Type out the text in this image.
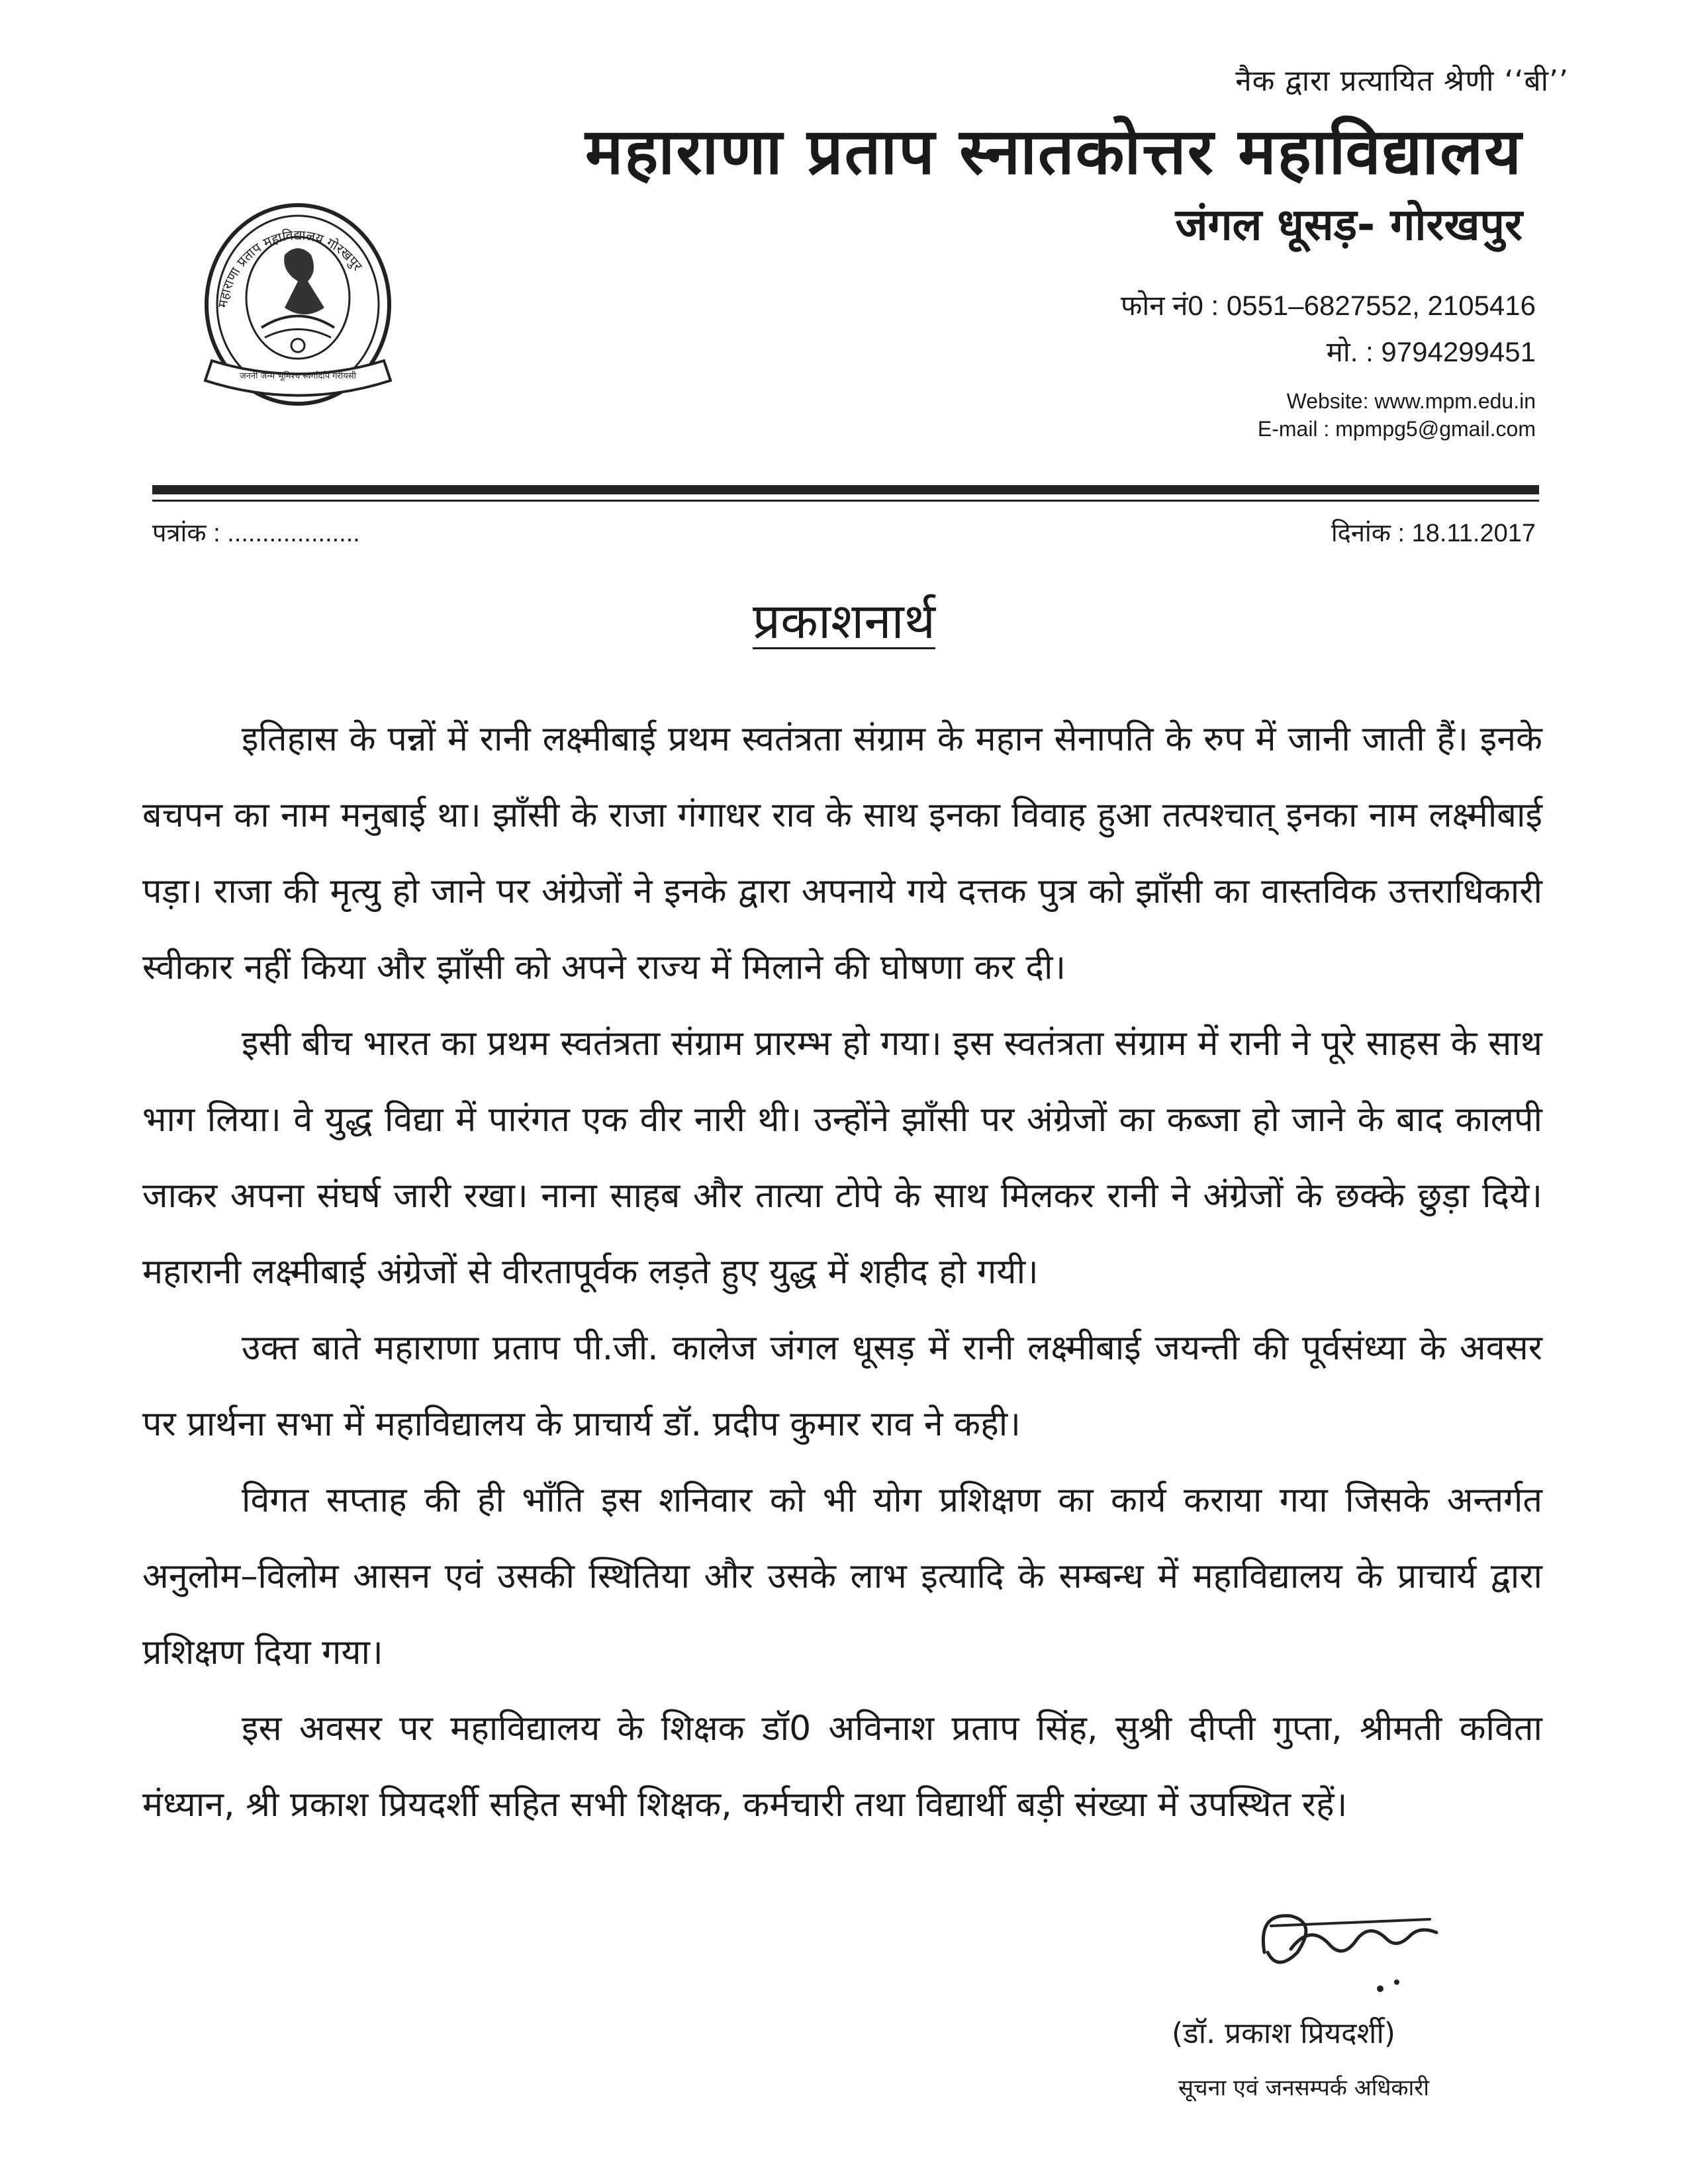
नैक द्वारा प्रत्यायित श्रेणी ‘‘बी’’
महाराणा प्रताप स्नातकोत्तर महाविद्यालय
जंगल धूसड़- गोरखपुर
महाराणा प्रताप महाविद्यालय गोरखपुर
जननी जन्म भूमिश्च स्वर्गादपि गरीयसी
फोन नं0 : 0551–6827552, 2105416
मो. : 9794299451
Website: www.mpm.edu.in
E-mail : mpmpg5@gmail.com
पत्रांक : ...................	दिनांक : 18.11.2017
प्रकाशनार्थ

इतिहास के पन्नों में रानी लक्ष्मीबाई प्रथम स्वतंत्रता संग्राम के महान सेनापति के रुप में जानी जाती हैं। इनके बचपन का नाम मनुबाई था। झाँसी के राजा गंगाधर राव के साथ इनका विवाह हुआ तत्पश्चात् इनका नाम लक्ष्मीबाई पड़ा। राजा की मृत्यु हो जाने पर अंग्रेजों ने इनके द्वारा अपनाये गये दत्तक पुत्र को झाँसी का वास्तविक उत्तराधिकारी स्वीकार नहीं किया और झाँसी को अपने राज्य में मिलाने की घोषणा कर दी।

इसी बीच भारत का प्रथम स्वतंत्रता संग्राम प्रारम्भ हो गया। इस स्वतंत्रता संग्राम में रानी ने पूरे साहस के साथ भाग लिया। वे युद्ध विद्या में पारंगत एक वीर नारी थी। उन्होंने झाँसी पर अंग्रेजों का कब्जा हो जाने के बाद कालपी जाकर अपना संघर्ष जारी रखा। नाना साहब और तात्या टोपे के साथ मिलकर रानी ने अंग्रेजों के छक्के छुड़ा दिये। महारानी लक्ष्मीबाई अंग्रेजों से वीरतापूर्वक लड़ते हुए युद्ध में शहीद हो गयी।

उक्त बाते महाराणा प्रताप पी.जी. कालेज जंगल धूसड़ में रानी लक्ष्मीबाई जयन्ती की पूर्वसंध्या के अवसर पर प्रार्थना सभा में महाविद्यालय के प्राचार्य डॉ. प्रदीप कुमार राव ने कही।

विगत सप्ताह की ही भाँति इस शनिवार को भी योग प्रशिक्षण का कार्य कराया गया जिसके अन्तर्गत अनुलोम–विलोम आसन एवं उसकी स्थितिया और उसके लाभ इत्यादि के सम्बन्ध में महाविद्यालय के प्राचार्य द्वारा प्रशिक्षण दिया गया।

इस अवसर पर महाविद्यालय के शिक्षक डॉ0 अविनाश प्रताप सिंह, सुश्री दीप्ती गुप्ता, श्रीमती कविता मंध्यान, श्री प्रकाश प्रियदर्शी सहित सभी शिक्षक, कर्मचारी तथा विद्यार्थी बड़ी संख्या में उपस्थित रहें।

(डॉ. प्रकाश प्रियदर्शी)
सूचना एवं जनसम्पर्क अधिकारी
